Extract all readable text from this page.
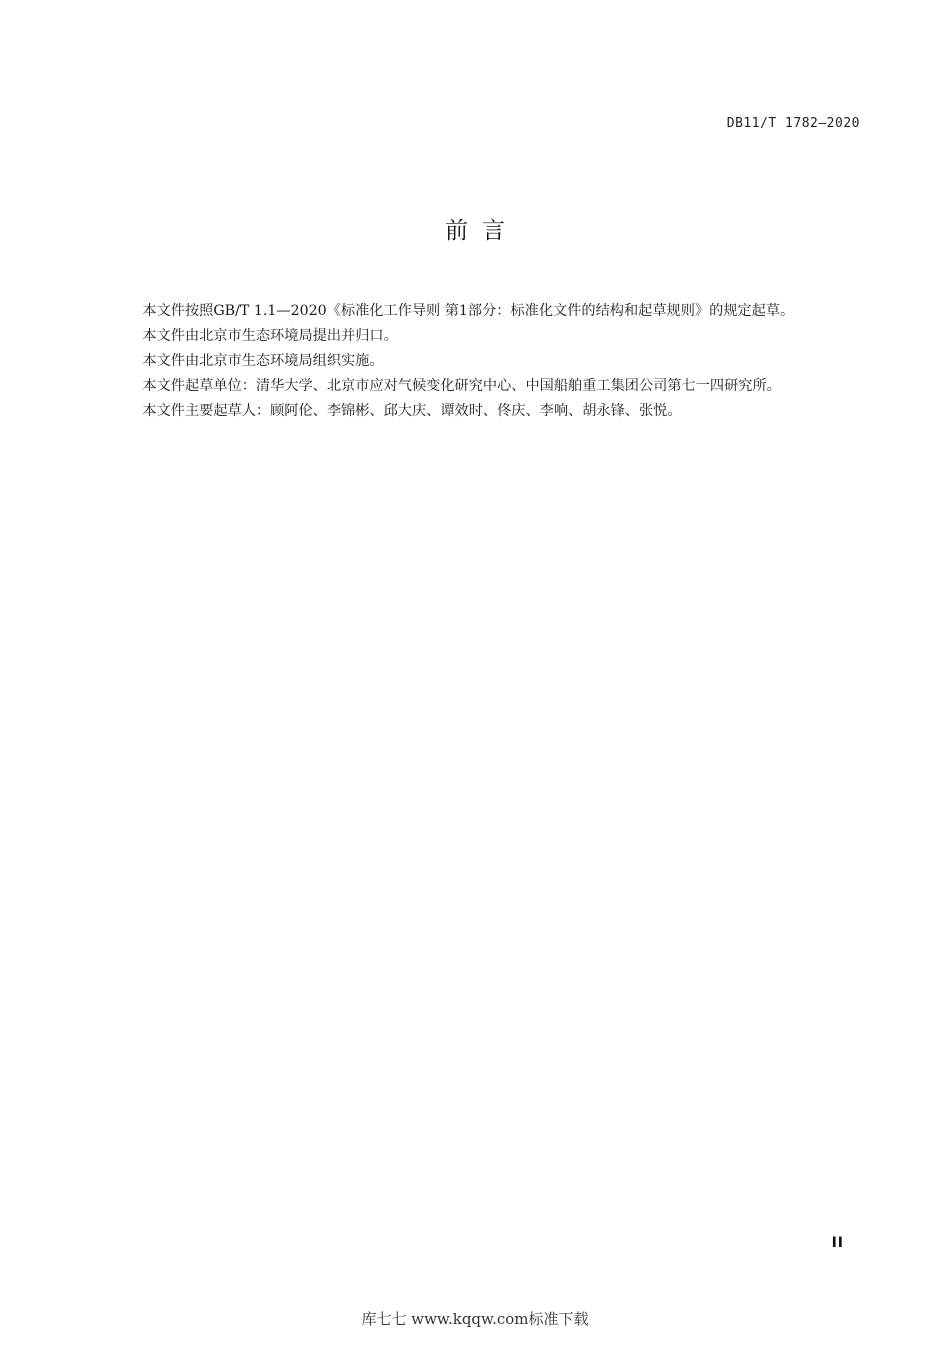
DB11/T 1782—2020
前言

本文件按照GB/T 1.1—2020《标准化工作导则 第1部分：标准化文件的结构和起草规则》的规定起草。

本文件由北京市生态环境局提出并归口。

本文件由北京市生态环境局组织实施。

本文件起草单位：清华大学、北京市应对气候变化研究中心、中国船舶重工集团公司第七一四研究所。

本文件主要起草人：顾阿伦、李锦彬、邱大庆、谭效时、佟庆、李响、胡永锋、张悦。

II
库七七 www.kqqw.com标准下载
